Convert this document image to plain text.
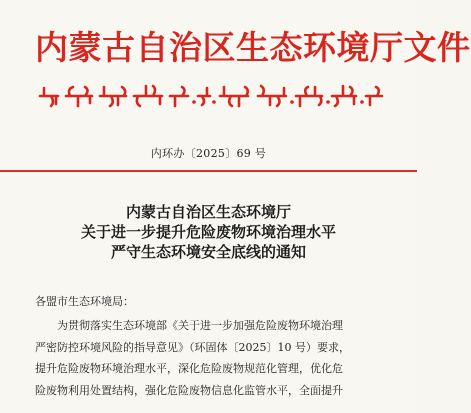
内蒙古自治区生态环境厅文件
内环办〔2025〕69 号
内蒙古自治区生态环境厅
关于进一步提升危险废物环境治理水平
严守生态环境安全底线的通知
各盟市生态环境局：
为贯彻落实生态环境部《关于进一步加强危险废物环境治理
严密防控环境风险的指导意见》（环固体〔2025〕10 号）要求，
提升危险废物环境治理水平，深化危险废物规范化管理，优化危
险废物利用处置结构，强化危险废物信息化监管水平，全面提升
